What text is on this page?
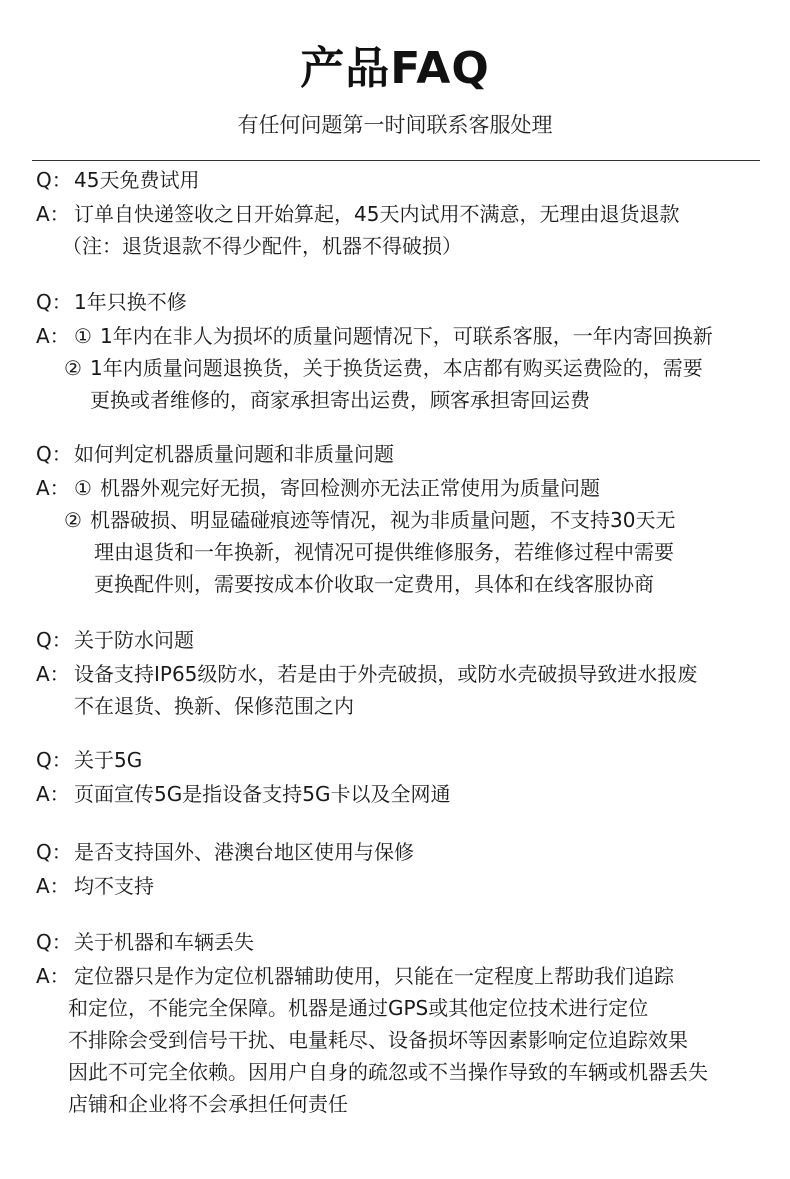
产品FAQ
有任何问题第一时间联系客服处理
Q： 45天免费试用
A： 订单自快递签收之日开始算起，45天内试用不满意，无理由退货退款
（注：退货退款不得少配件，机器不得破损）
Q： 1年只换不修
A： ① 1年内在非人为损坏的质量问题情况下，可联系客服，一年内寄回换新
② 1年内质量问题退换货，关于换货运费，本店都有购买运费险的，需要
更换或者维修的，商家承担寄出运费，顾客承担寄回运费
Q： 如何判定机器质量问题和非质量问题
A： ① 机器外观完好无损，寄回检测亦无法正常使用为质量问题
② 机器破损、明显磕碰痕迹等情况，视为非质量问题，不支持30天无
理由退货和一年换新，视情况可提供维修服务，若维修过程中需要
更换配件则，需要按成本价收取一定费用，具体和在线客服协商
Q： 关于防水问题
A： 设备支持IP65级防水，若是由于外壳破损，或防水壳破损导致进水报废
不在退货、换新、保修范围之内
Q： 关于5G
A： 页面宣传5G是指设备支持5G卡以及全网通
Q： 是否支持国外、港澳台地区使用与保修
A： 均不支持
Q： 关于机器和车辆丢失
A： 定位器只是作为定位机器辅助使用，只能在一定程度上帮助我们追踪
和定位，不能完全保障。机器是通过GPS或其他定位技术进行定位
不排除会受到信号干扰、电量耗尽、设备损坏等因素影响定位追踪效果
因此不可完全依赖。因用户自身的疏忽或不当操作导致的车辆或机器丢失
店铺和企业将不会承担任何责任
